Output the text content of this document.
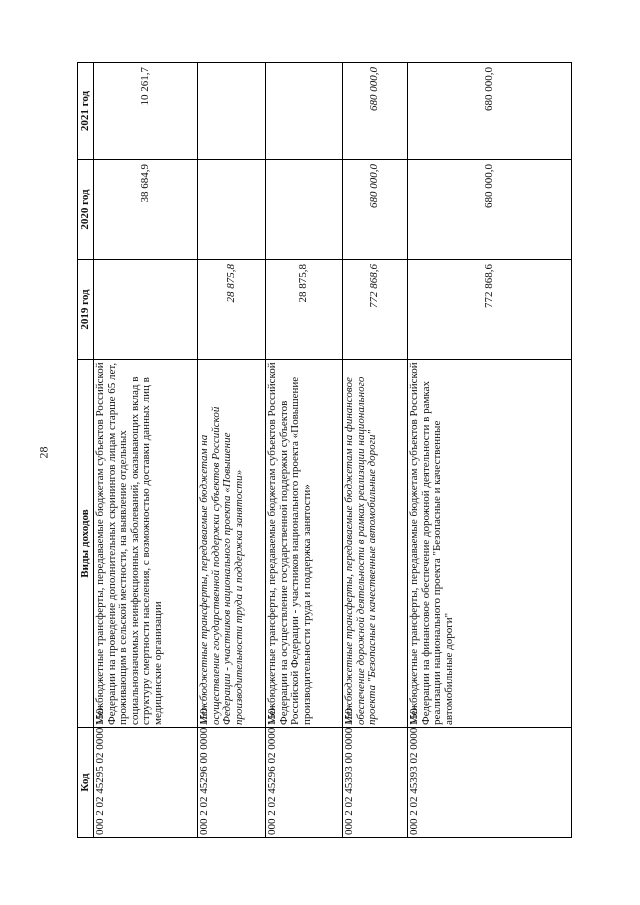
28
Код	Виды доходов	2019 год	2020 год	2021 год
000 2 02 45295 02 0000 150	Межбюджетные трансферты, передаваемые бюджетам субъектов Российской Федерации на проведение дополнительных скринингов лицам старше 65 лет, проживающим в сельской местности, на выявление отдельных социальнозначимых неинфекционных заболеваний, оказывающих вклад в структуру смертности населения, с возможностью доставки данных лиц в медицинские организации		38 684,9	10 261,7
000 2 02 45296 00 0000 150	Межбюджетные трансферты, передаваемые бюджетам на осуществление государственной поддержки субъектов Российской Федерации - участников национального проекта «Повышение производительности труда и поддержка занятости»	28 875,8		
000 2 02 45296 02 0000 150	Межбюджетные трансферты, передаваемые бюджетам субъектов Российской Федерации на осуществление государственной поддержки субъектов Российской Федерации - участников национального проекта «Повышение производительности труда и поддержка занятости»	28 875,8		
000 2 02 45393 00 0000 150	Межбюджетные трансферты, передаваемые бюджетам на финансовое обеспечение дорожной деятельности в рамках реализации национального проекта "Безопасные и качественные автомобильные дороги"	772 868,6	680 000,0	680 000,0
000 2 02 45393 02 0000 150	Межбюджетные трансферты, передаваемые бюджетам субъектов Российской Федерации на финансовое обеспечение дорожной деятельности в рамках реализации национального проекта "Безопасные и качественные автомобильные дороги"	772 868,6	680 000,0	680 000,0
